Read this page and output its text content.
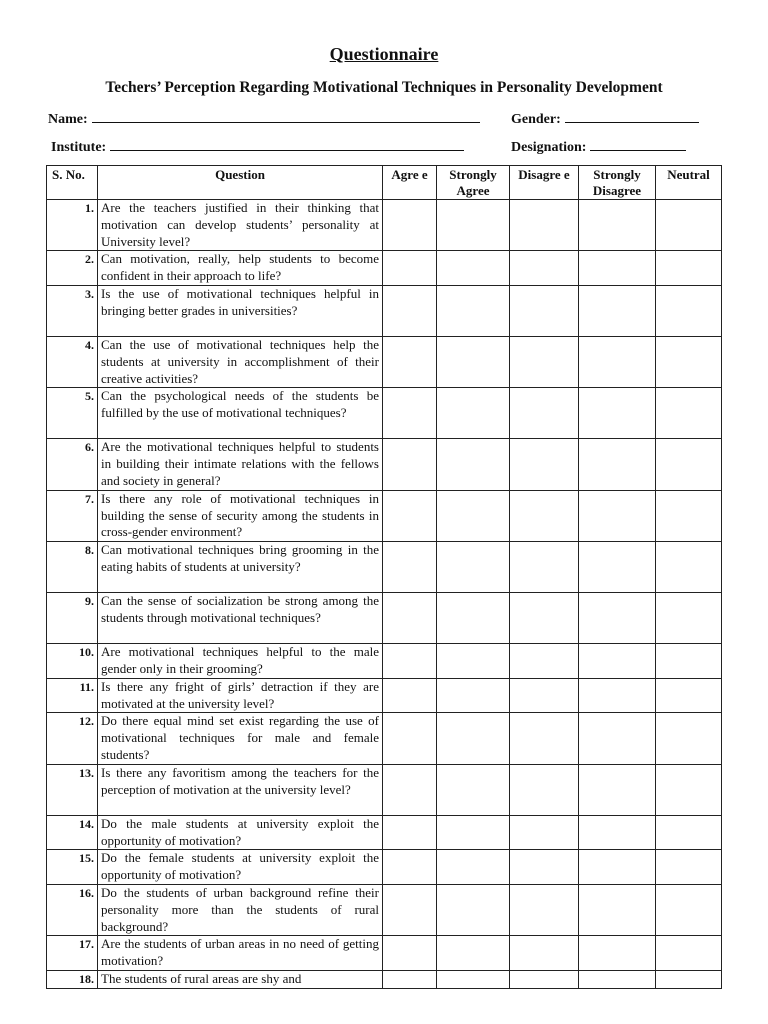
Questionnaire
Techers’ Perception Regarding Motivational Techniques in Personality Development
Name:	Gender:
Institute:	Designation:
S. No.	Question	Agre e	Strongly Agree	Disagre e	Strongly Disagree	Neutral
1.	Are the teachers justified in their thinking that motivation can develop students’ personality at University level?					
2.	Can motivation, really, help students to become confident in their approach to life?					
3.	Is the use of motivational techniques helpful in bringing better grades in universities?					
4.	Can the use of motivational techniques help the students at university in accomplishment of their creative activities?					
5.	Can the psychological needs of the students be fulfilled by the use of motivational techniques?					
6.	Are the motivational techniques helpful to students in building their intimate relations with the fellows and society in general?					
7.	Is there any role of motivational techniques in building the sense of security among the students in cross-gender environment?					
8.	Can motivational techniques bring grooming in the eating habits of students at university?					
9.	Can the sense of socialization be strong among the students through motivational techniques?					
10.	Are motivational techniques helpful to the male gender only in their grooming?					
11.	Is there any fright of girls’ detraction if they are motivated at the university level?					
12.	Do there equal mind set exist regarding the use of motivational techniques for male and female students?					
13.	Is there any favoritism among the teachers for the perception of motivation at the university level?					
14.	Do the male students at university exploit the opportunity of motivation?					
15.	Do the female students at university exploit the opportunity of motivation?					
16.	Do the students of urban background refine their personality more than the students of rural background?					
17.	Are the students of urban areas in no need of getting motivation?					
18.	The students of rural areas are shy and					
